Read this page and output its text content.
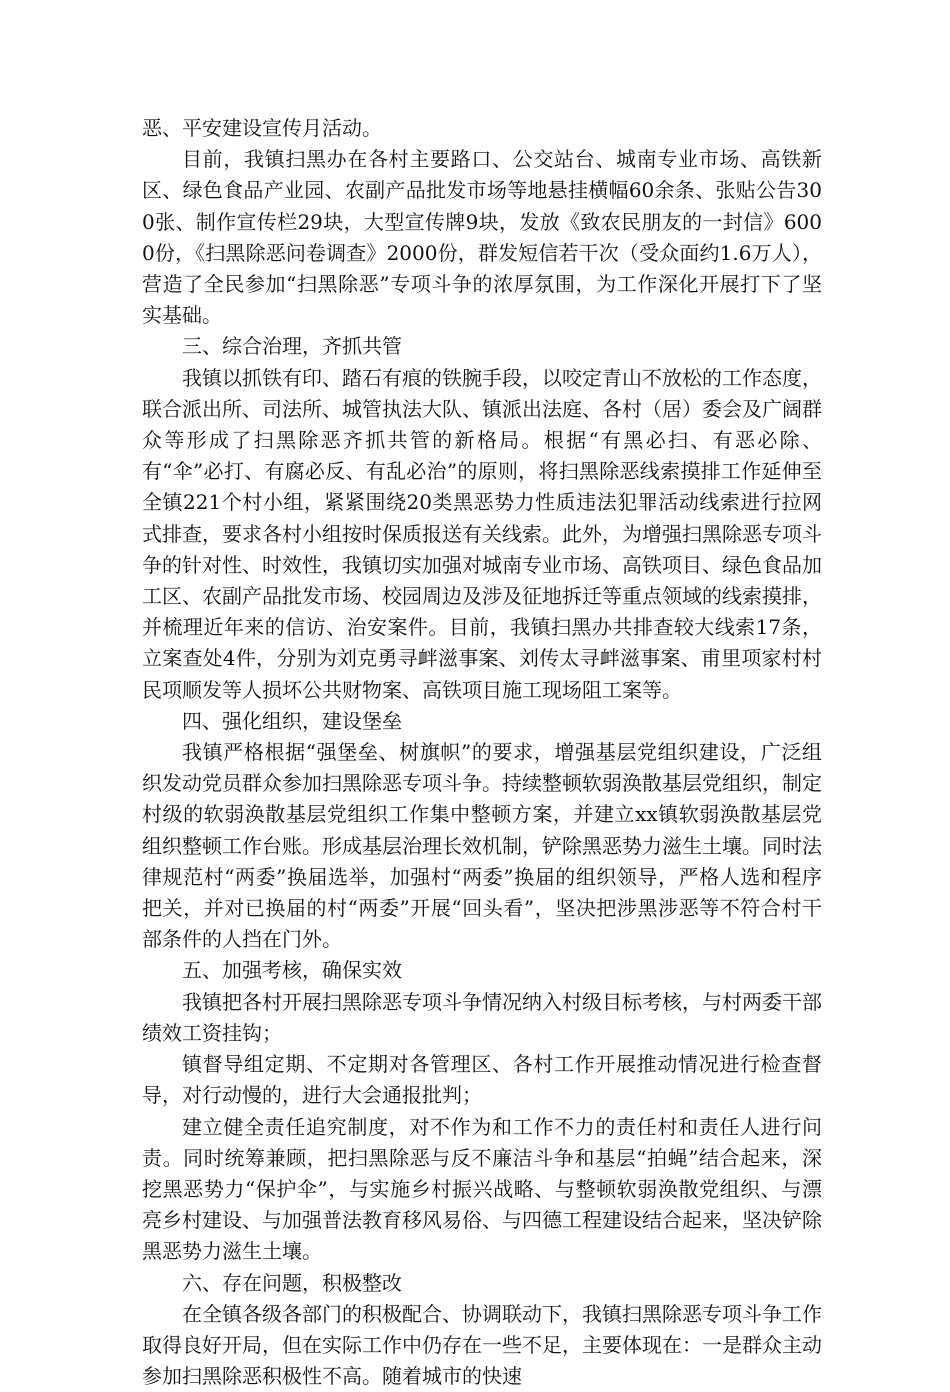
恶、平安建设宣传月活动。

目前，我镇扫黑办在各村主要路口、公交站台、城南专业市场、高铁新区、绿色食品产业园、农副产品批发市场等地悬挂横幅60余条、张贴公告300张、制作宣传栏29块，大型宣传牌9块，发放《致农民朋友的一封信》6000份，《扫黑除恶问卷调查》2000份，群发短信若干次（受众面约1.6万人），营造了全民参加“扫黑除恶”专项斗争的浓厚氛围，为工作深化开展打下了坚实基础。

三、综合治理，齐抓共管

我镇以抓铁有印、踏石有痕的铁腕手段，以咬定青山不放松的工作态度，联合派出所、司法所、城管执法大队、镇派出法庭、各村（居）委会及广阔群众等形成了扫黑除恶齐抓共管的新格局。根据“有黑必扫、有恶必除、有“伞”必打、有腐必反、有乱必治”的原则，将扫黑除恶线索摸排工作延伸至全镇221个村小组，紧紧围绕20类黑恶势力性质违法犯罪活动线索进行拉网式排查，要求各村小组按时保质报送有关线索。此外，为增强扫黑除恶专项斗争的针对性、时效性，我镇切实加强对城南专业市场、高铁项目、绿色食品加工区、农副产品批发市场、校园周边及涉及征地拆迁等重点领域的线索摸排，并梳理近年来的信访、治安案件。目前，我镇扫黑办共排查较大线索17条，立案查处4件，分别为刘克勇寻衅滋事案、刘传太寻衅滋事案、甫里项家村村民项顺发等人损坏公共财物案、高铁项目施工现场阻工案等。

四、强化组织，建设堡垒

我镇严格根据“强堡垒、树旗帜”的要求，增强基层党组织建设，广泛组织发动党员群众参加扫黑除恶专项斗争。持续整顿软弱涣散基层党组织，制定村级的软弱涣散基层党组织工作集中整顿方案，并建立xx镇软弱涣散基层党组织整顿工作台账。形成基层治理长效机制，铲除黑恶势力滋生土壤。同时法律规范村“两委”换届选举，加强村“两委”换届的组织领导，严格人选和程序把关，并对已换届的村“两委”开展“回头看”，坚决把涉黑涉恶等不符合村干部条件的人挡在门外。

五、加强考核，确保实效

我镇把各村开展扫黑除恶专项斗争情况纳入村级目标考核，与村两委干部绩效工资挂钩；

镇督导组定期、不定期对各管理区、各村工作开展推动情况进行检查督导，对行动慢的，进行大会通报批判；

建立健全责任追究制度，对不作为和工作不力的责任村和责任人进行问责。同时统筹兼顾，把扫黑除恶与反不廉洁斗争和基层“拍蝇”结合起来，深挖黑恶势力“保护伞”，与实施乡村振兴战略、与整顿软弱涣散党组织、与漂亮乡村建设、与加强普法教育移风易俗、与四德工程建设结合起来，坚决铲除黑恶势力滋生土壤。

六、存在问题，积极整改

在全镇各级各部门的积极配合、协调联动下，我镇扫黑除恶专项斗争工作取得良好开局，但在实际工作中仍存在一些不足，主要体现在：一是群众主动参加扫黑除恶积极性不高。随着城市的快速
